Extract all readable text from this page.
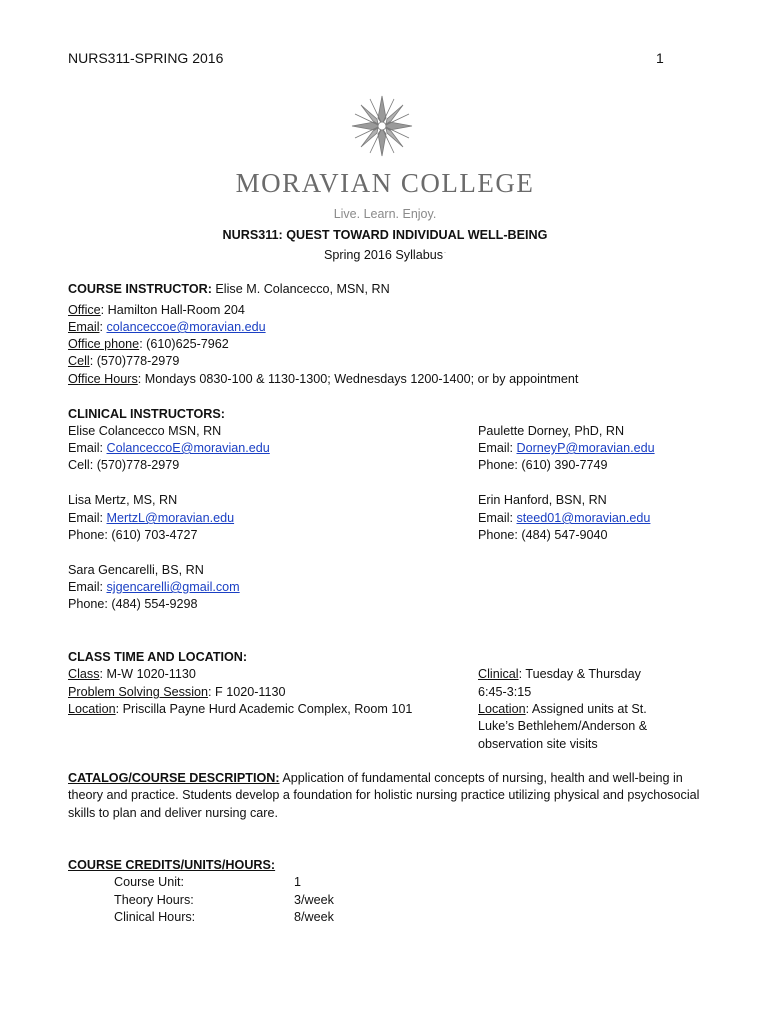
NURS311-SPRING 2016	1
MORAVIAN COLLEGE
Live. Learn. Enjoy.
NURS311: QUEST TOWARD INDIVIDUAL WELL-BEING
Spring 2016 Syllabus·
COURSE INSTRUCTOR: Elise M. Colancecco, MSN, RN
Office: Hamilton Hall-Room 204
Email: colanceccoe@moravian.edu
Office phone: (610)625-7962
Cell: (570)778-2979
Office Hours: Mondays 0830-100 & 1130-1300; Wednesdays 1200-1400; or by appointment
CLINICAL INSTRUCTORS:
Elise Colancecco MSN, RN
Email: ColanceccoE@moravian.edu
Cell: (570)778-2979
Paulette Dorney, PhD, RN
Email: DorneyP@moravian.edu
Phone: (610) 390-7749
Lisa Mertz, MS, RN
Email: MertzL@moravian.edu
Phone: (610) 703-4727
Erin Hanford, BSN, RN
Email: steed01@moravian.edu
Phone: (484) 547-9040
Sara Gencarelli, BS, RN
Email: sjgencarelli@gmail.com
Phone: (484) 554-9298
CLASS TIME AND LOCATION:
Class: M-W 1020-1130
Problem Solving Session: F 1020-1130
Location: Priscilla Payne Hurd Academic Complex, Room 101
Clinical: Tuesday & Thursday
6:45-3:15
Location: Assigned units at St.
Luke’s Bethlehem/Anderson &
observation site visits
CATALOG/COURSE DESCRIPTION: Application of fundamental concepts of nursing, health and well-being in theory and practice. Students develop a foundation for holistic nursing practice utilizing physical and psychosocial skills to plan and deliver nursing care.
COURSE CREDITS/UNITS/HOURS:
Course Unit:	1
Theory Hours:	3/week
Clinical Hours:	8/week
